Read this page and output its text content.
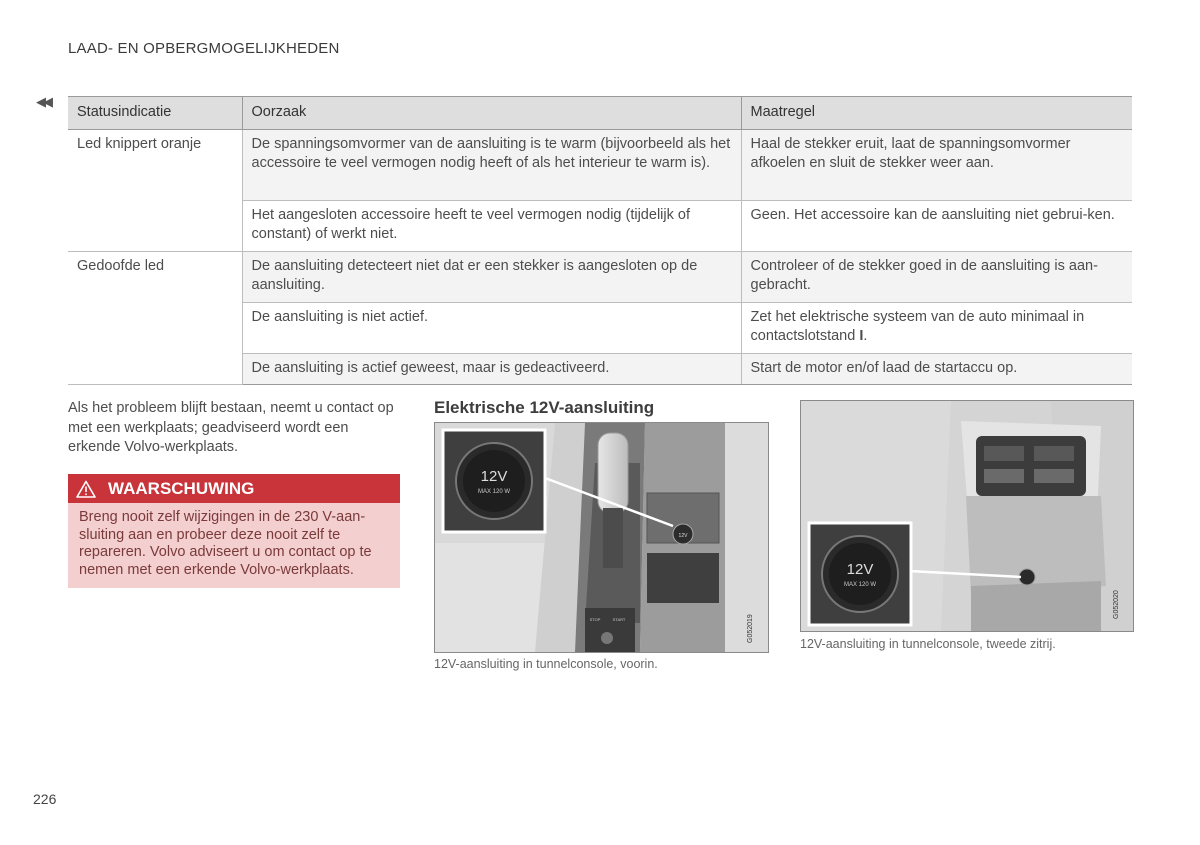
LAAD- EN OPBERGMOGELIJKHEDEN
◀◀
Statusindicatie	Oorzaak	Maatregel
Led knippert oranje	De spanningsomvormer van de aansluiting is te warm (bijvoorbeeld als het accessoire te veel vermogen nodig heeft of als het interieur te warm is).	Haal de stekker eruit, laat de spanningsomvormer afkoelen en sluit de stekker weer aan.
	Het aangesloten accessoire heeft te veel vermogen nodig (tijdelijk of constant) of werkt niet.	Geen. Het accessoire kan de aansluiting niet gebrui-ken.
Gedoofde led	De aansluiting detecteert niet dat er een stekker is aangesloten op de aansluiting.	Controleer of de stekker goed in de aansluiting is aan-gebracht.
	De aansluiting is niet actief.	Zet het elektrische systeem van de auto minimaal in contactslotstand I.
	De aansluiting is actief geweest, maar is gedeactiveerd.	Start de motor en/of laad de startaccu op.
Als het probleem blijft bestaan, neemt u contact op met een werkplaats; geadviseerd wordt een erkende Volvo-werkplaats.
WAARSCHUWING
Breng nooit zelf wijzigingen in de 230 V-aan-sluiting aan en probeer deze nooit zelf te repareren. Volvo adviseert u om contact op te nemen met een erkende Volvo-werkplaats.
Elektrische 12V-aansluiting
12V
MAX 120 W
12V
STOP	START	G052019
12V-aansluiting in tunnelconsole, voorin.
12V
MAX 120 W
G052020
12V-aansluiting in tunnelconsole, tweede zitrij.
226
